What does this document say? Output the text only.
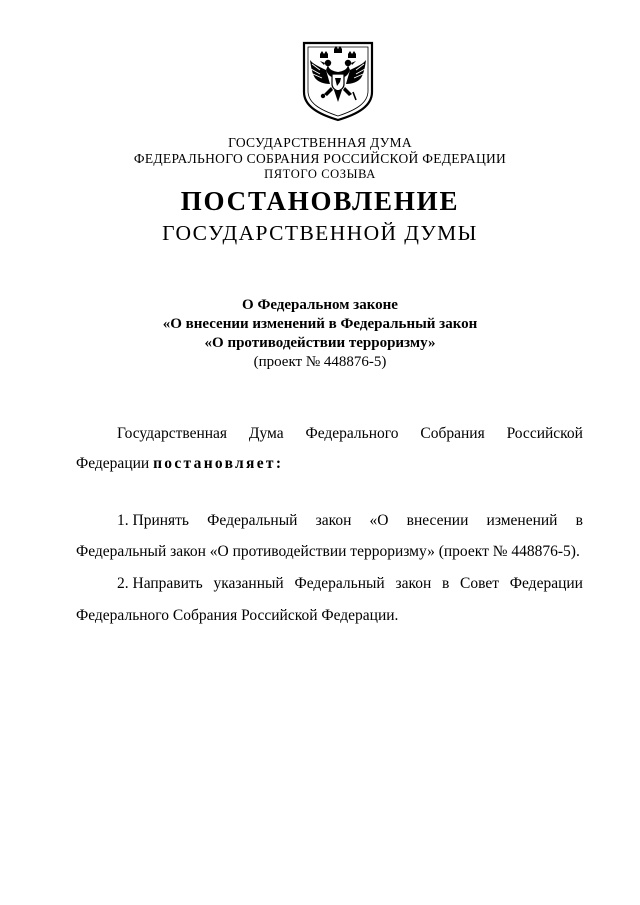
ГОСУДАРСТВЕННАЯ ДУМА
ФЕДЕРАЛЬНОГО СОБРАНИЯ РОССИЙСКОЙ ФЕДЕРАЦИИ
ПЯТОГО СОЗЫВА
ПОСТАНОВЛЕНИЕ
ГОСУДАРСТВЕННОЙ ДУМЫ
О Федеральном законе
«О внесении изменений в Федеральный закон
«О противодействии терроризму»
(проект № 448876-5)
Государственная Дума Федерального Собрания Российской
Федерации постановляет:
1. Принять Федеральный закон «О внесении изменений в
Федеральный закон «О противодействии терроризму» (проект № 448876-5).
2. Направить указанный Федеральный закон в Совет Федерации
Федерального Собрания Российской Федерации.
